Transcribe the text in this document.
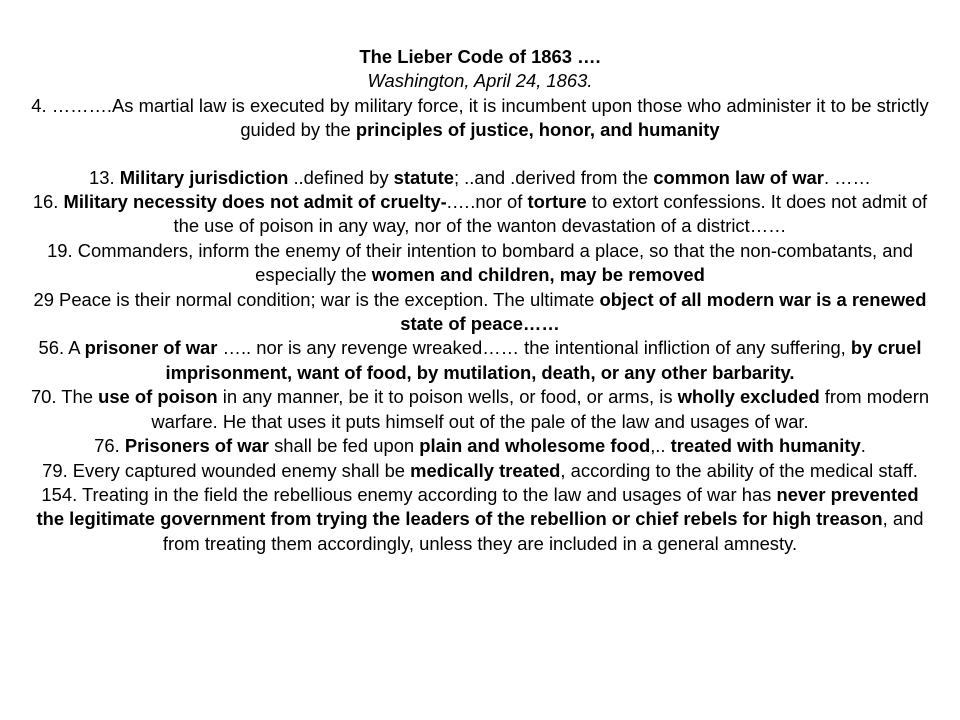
The Lieber Code of 1863 ….

Washington, April 24, 1863.

4. ……….As martial law is executed by military force, it is incumbent upon those who administer it to be strictly guided by the principles of justice, honor, and humanity

13. Military jurisdiction ..defined by statute; ..and .derived from the common law of war. ……

16. Military necessity does not admit of cruelty-.….nor of torture to extort confessions. It does not admit of the use of poison in any way, nor of the wanton devastation of a district……

19. Commanders, inform the enemy of their intention to bombard a place, so that the non-combatants, and especially the women and children, may be removed

29 Peace is their normal condition; war is the exception. The ultimate object of all modern war is a renewed state of peace……

56. A prisoner of war ….. nor is any revenge wreaked…… the intentional infliction of any suffering, by cruel imprisonment, want of food, by mutilation, death, or any other barbarity.

70. The use of poison in any manner, be it to poison wells, or food, or arms, is wholly excluded from modern warfare. He that uses it puts himself out of the pale of the law and usages of war.

76. Prisoners of war shall be fed upon plain and wholesome food,.. treated with humanity.

79. Every captured wounded enemy shall be medically treated, according to the ability of the medical staff.

154. Treating in the field the rebellious enemy according to the law and usages of war has never prevented the legitimate government from trying the leaders of the rebellion or chief rebels for high treason, and from treating them accordingly, unless they are included in a general amnesty.
